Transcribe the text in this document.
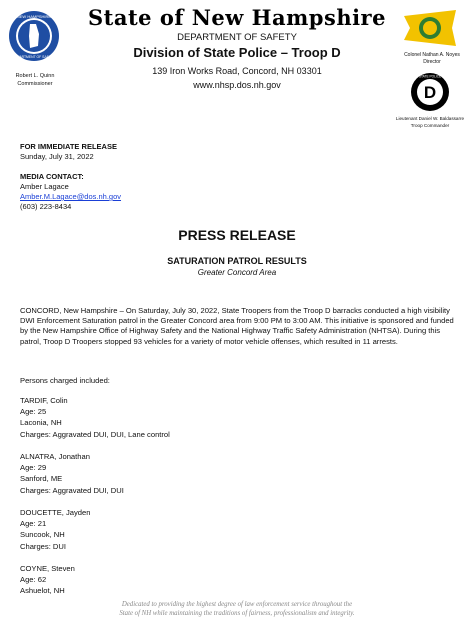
NEW HAMPSHIRE
DEPARTMENT OF SAFETY
Robert L. Quinn
Commissioner
State of New Hampshire
DEPARTMENT OF SAFETY
Division of State Police – Troop D
139 Iron Works Road, Concord, NH 03301
www.nhsp.dos.nh.gov
Colonel Nathan A. Noyes
Director
D
STATE POLICE
Lieutenant Daniel W. Baldassarre
Troop Commander
FOR IMMEDIATE RELEASE
Sunday, July 31, 2022
MEDIA CONTACT:
Amber Lagace
Amber.M.Lagace@dos.nh.gov
(603) 223-8434
PRESS RELEASE
SATURATION PATROL RESULTS
Greater Concord Area
CONCORD, New Hampshire – On Saturday, July 30, 2022, State Troopers from the Troop D barracks conducted a high visibility DWI Enforcement Saturation patrol in the Greater Concord area from 9:00 PM to 3:00 AM. This initiative is sponsored and funded by the New Hampshire Office of Highway Safety and the National Highway Traffic Safety Administration (NHTSA). During this patrol, Troop D Troopers stopped 93 vehicles for a variety of motor vehicle offenses, which resulted in 11 arrests.
Persons charged included:
TARDIF, Colin
Age: 25
Laconia, NH
Charges: Aggravated DUI, DUI, Lane control
ALNATRA, Jonathan
Age: 29
Sanford, ME
Charges: Aggravated DUI, DUI
DOUCETTE, Jayden
Age: 21
Suncook, NH
Charges: DUI
COYNE, Steven
Age: 62
Ashuelot, NH
Dedicated to providing the highest degree of law enforcement service throughout the
State of NH while maintaining the traditions of fairness, professionalism and integrity.
